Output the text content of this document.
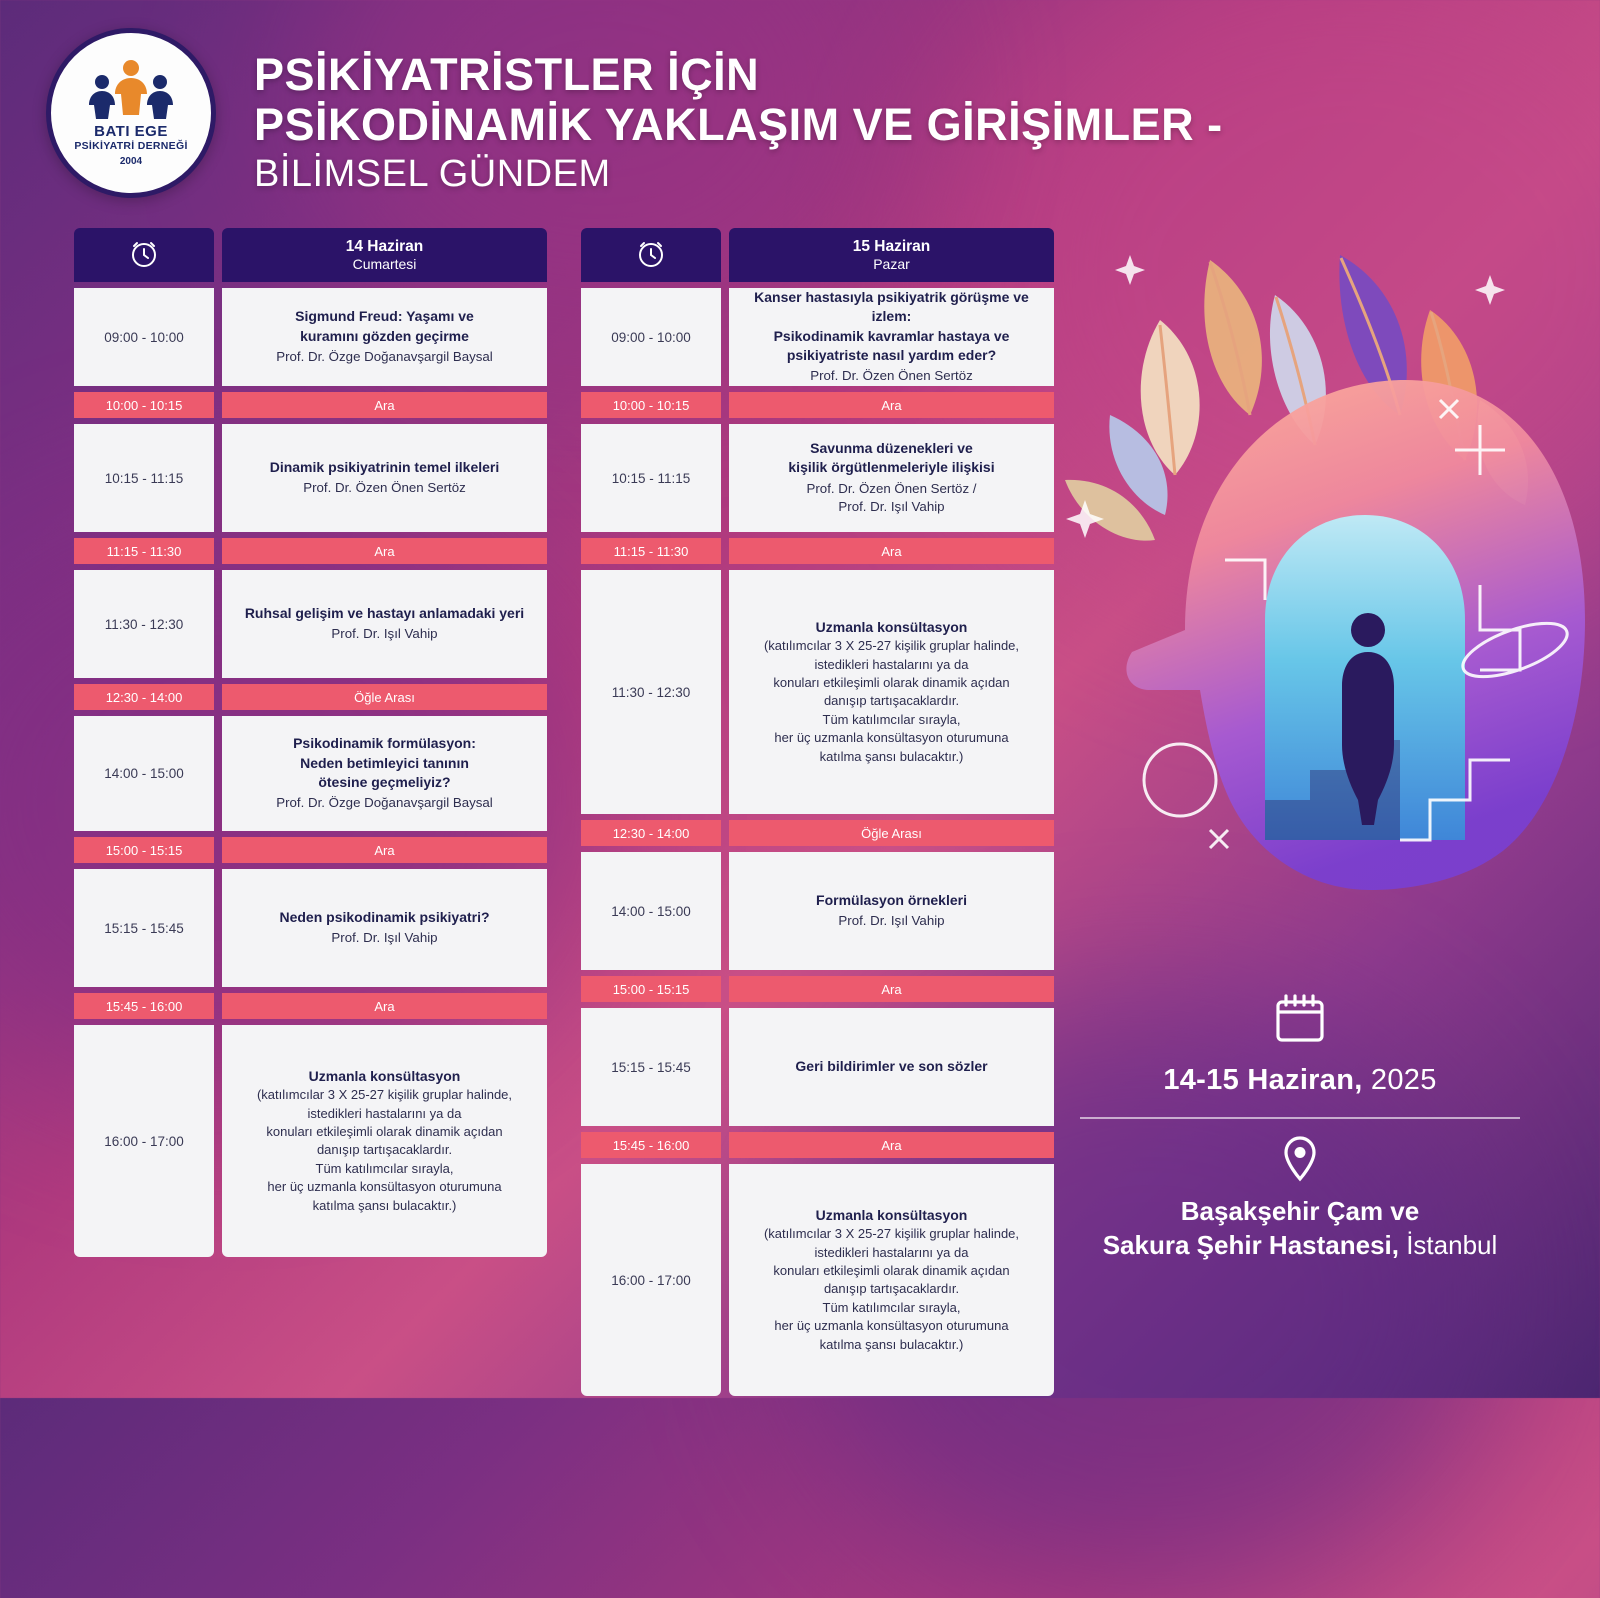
BATI EGE
PSİKİYATRİ DERNEĞİ
2004
PSİKİYATRİSTLER İÇİN
PSİKODİNAMİK YAKLAŞIM VE GİRİŞİMLER -
BİLİMSEL GÜNDEM
09:00 - 10:00
10:00 - 10:15
10:15 - 11:15
11:15 - 11:30
11:30 - 12:30
12:30 - 14:00
14:00 - 15:00
15:00 - 15:15
15:15 - 15:45
15:45 - 16:00
16:00 - 17:00
14 Haziran
Cumartesi
Sigmund Freud: Yaşamı ve
kuramını gözden geçirme
Prof. Dr. Özge Doğanavşargil Baysal
Ara
Dinamik psikiyatrinin temel ilkeleri
Prof. Dr. Özen Önen Sertöz
Ara
Ruhsal gelişim ve hastayı anlamadaki yeri
Prof. Dr. Işıl Vahip
Öğle Arası
Psikodinamik formülasyon:
Neden betimleyici tanının
ötesine geçmeliyiz?
Prof. Dr. Özge Doğanavşargil Baysal
Ara
Neden psikodinamik psikiyatri?
Prof. Dr. Işıl Vahip
Ara
Uzmanla konsültasyon
(katılımcılar 3 X 25-27 kişilik gruplar halinde,
istedikleri hastalarını ya da
konuları etkileşimli olarak dinamik açıdan
danışıp tartışacaklardır.
Tüm katılımcılar sırayla,
her üç uzmanla konsültasyon oturumuna
katılma şansı bulacaktır.)
09:00 - 10:00
10:00 - 10:15
10:15 - 11:15
11:15 - 11:30
11:30 - 12:30
12:30 - 14:00
14:00 - 15:00
15:00 - 15:15
15:15 - 15:45
15:45 - 16:00
16:00 - 17:00
15 Haziran
Pazar
Kanser hastasıyla psikiyatrik görüşme ve izlem:
Psikodinamik kavramlar hastaya ve
psikiyatriste nasıl yardım eder?
Prof. Dr. Özen Önen Sertöz
Ara
Savunma düzenekleri ve
kişilik örgütlenmeleriyle ilişkisi
Prof. Dr. Özen Önen Sertöz /
Prof. Dr. Işıl Vahip
Ara
Uzmanla konsültasyon
(katılımcılar 3 X 25-27 kişilik gruplar halinde,
istedikleri hastalarını ya da
konuları etkileşimli olarak dinamik açıdan
danışıp tartışacaklardır.
Tüm katılımcılar sırayla,
her üç uzmanla konsültasyon oturumuna
katılma şansı bulacaktır.)
Öğle Arası
Formülasyon örnekleri
Prof. Dr. Işıl Vahip
Ara
Geri bildirimler ve son sözler
Ara
Uzmanla konsültasyon
(katılımcılar 3 X 25-27 kişilik gruplar halinde,
istedikleri hastalarını ya da
konuları etkileşimli olarak dinamik açıdan
danışıp tartışacaklardır.
Tüm katılımcılar sırayla,
her üç uzmanla konsültasyon oturumuna
katılma şansı bulacaktır.)
14-15 Haziran, 2025
Başakşehir Çam ve
Sakura Şehir Hastanesi, İstanbul
